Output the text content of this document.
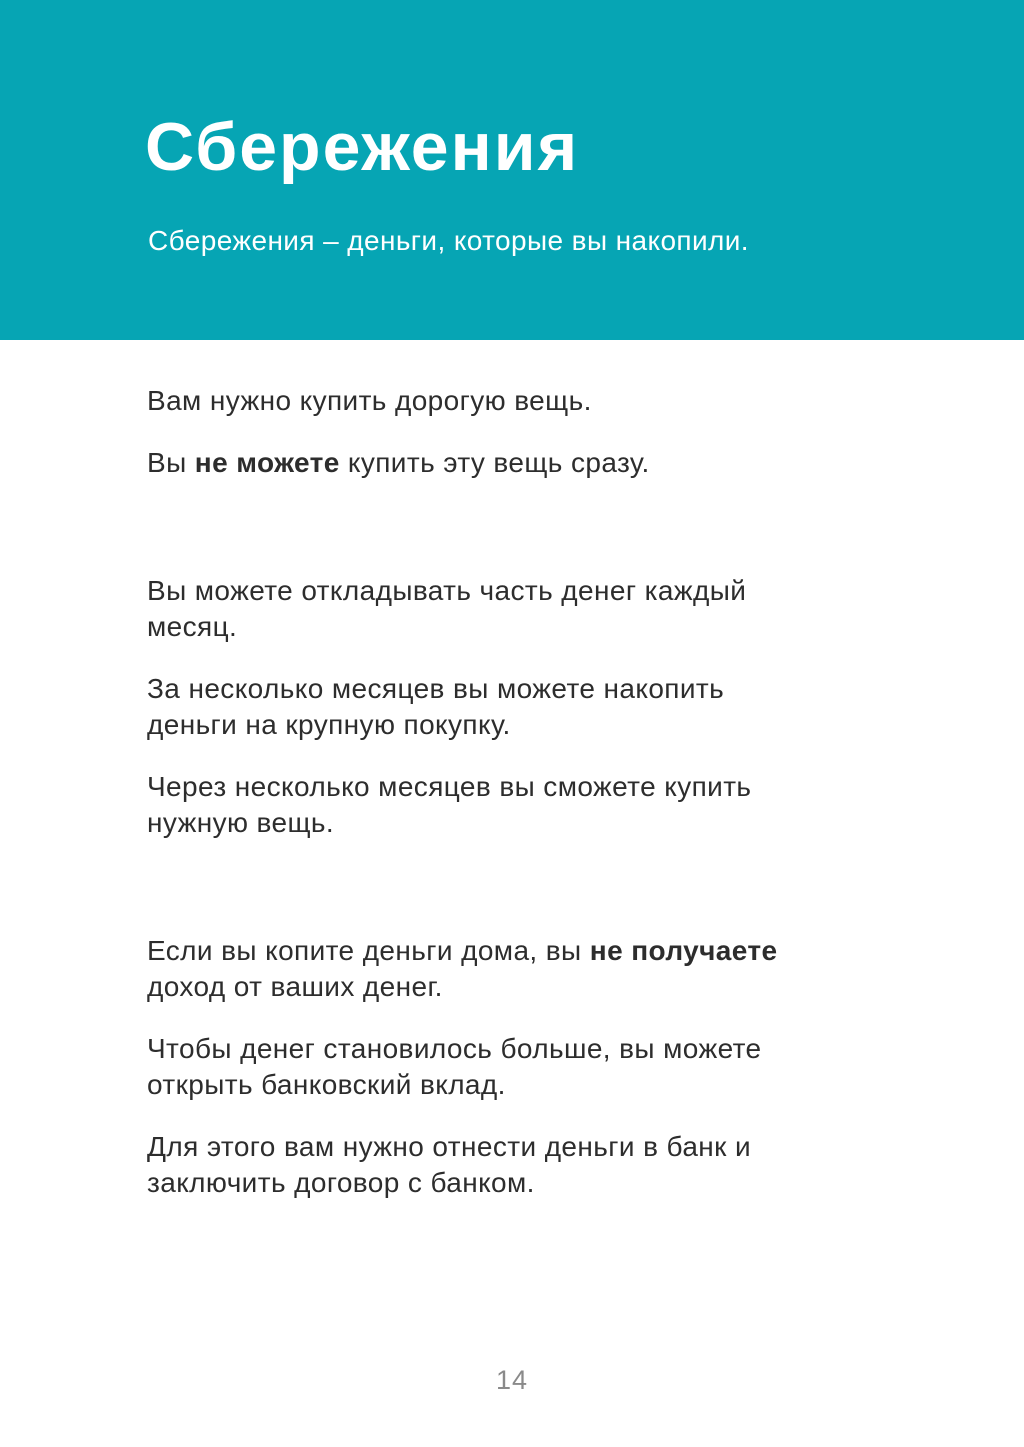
Сбережения

Сбережения – деньги, которые вы накопили.

Вам нужно купить дорогую вещь.

Вы не можете купить эту вещь сразу.

Вы можете откладывать часть денег каждый
месяц.

За несколько месяцев вы можете накопить
деньги на крупную покупку.

Через несколько месяцев вы сможете купить
нужную вещь.

Если вы копите деньги дома, вы не получаете
доход от ваших денег.

Чтобы денег становилось больше, вы можете
открыть банковский вклад.

Для этого вам нужно отнести деньги в банк и
заключить договор с банком.

14
